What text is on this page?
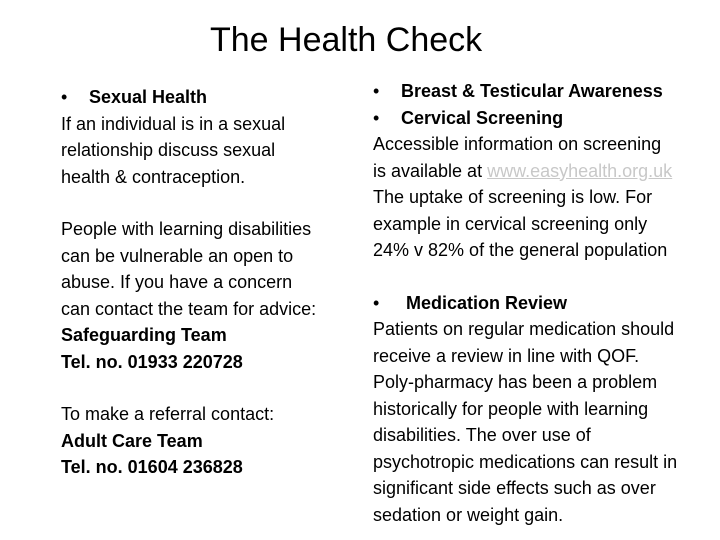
The Health Check
• Sexual Health
If an individual is in a sexual
relationship discuss sexual
health & contraception.
People with learning disabilities
can be vulnerable an open to
abuse. If you have a concern
can contact the team for advice:
Safeguarding Team
Tel. no. 01933 220728
To make a referral contact:
Adult Care Team
Tel. no. 01604 236828
• Breast & Testicular Awareness
• Cervical Screening
Accessible information on screening
is available at www.easyhealth.org.uk
The uptake of screening is low. For
example in cervical screening only
24% v 82% of the general population
• Medication Review
Patients on regular medication should
receive a review in line with QOF.
Poly-pharmacy has been a problem
historically for people with learning
disabilities. The over use of
psychotropic medications can result in
significant side effects such as over
sedation or weight gain.
